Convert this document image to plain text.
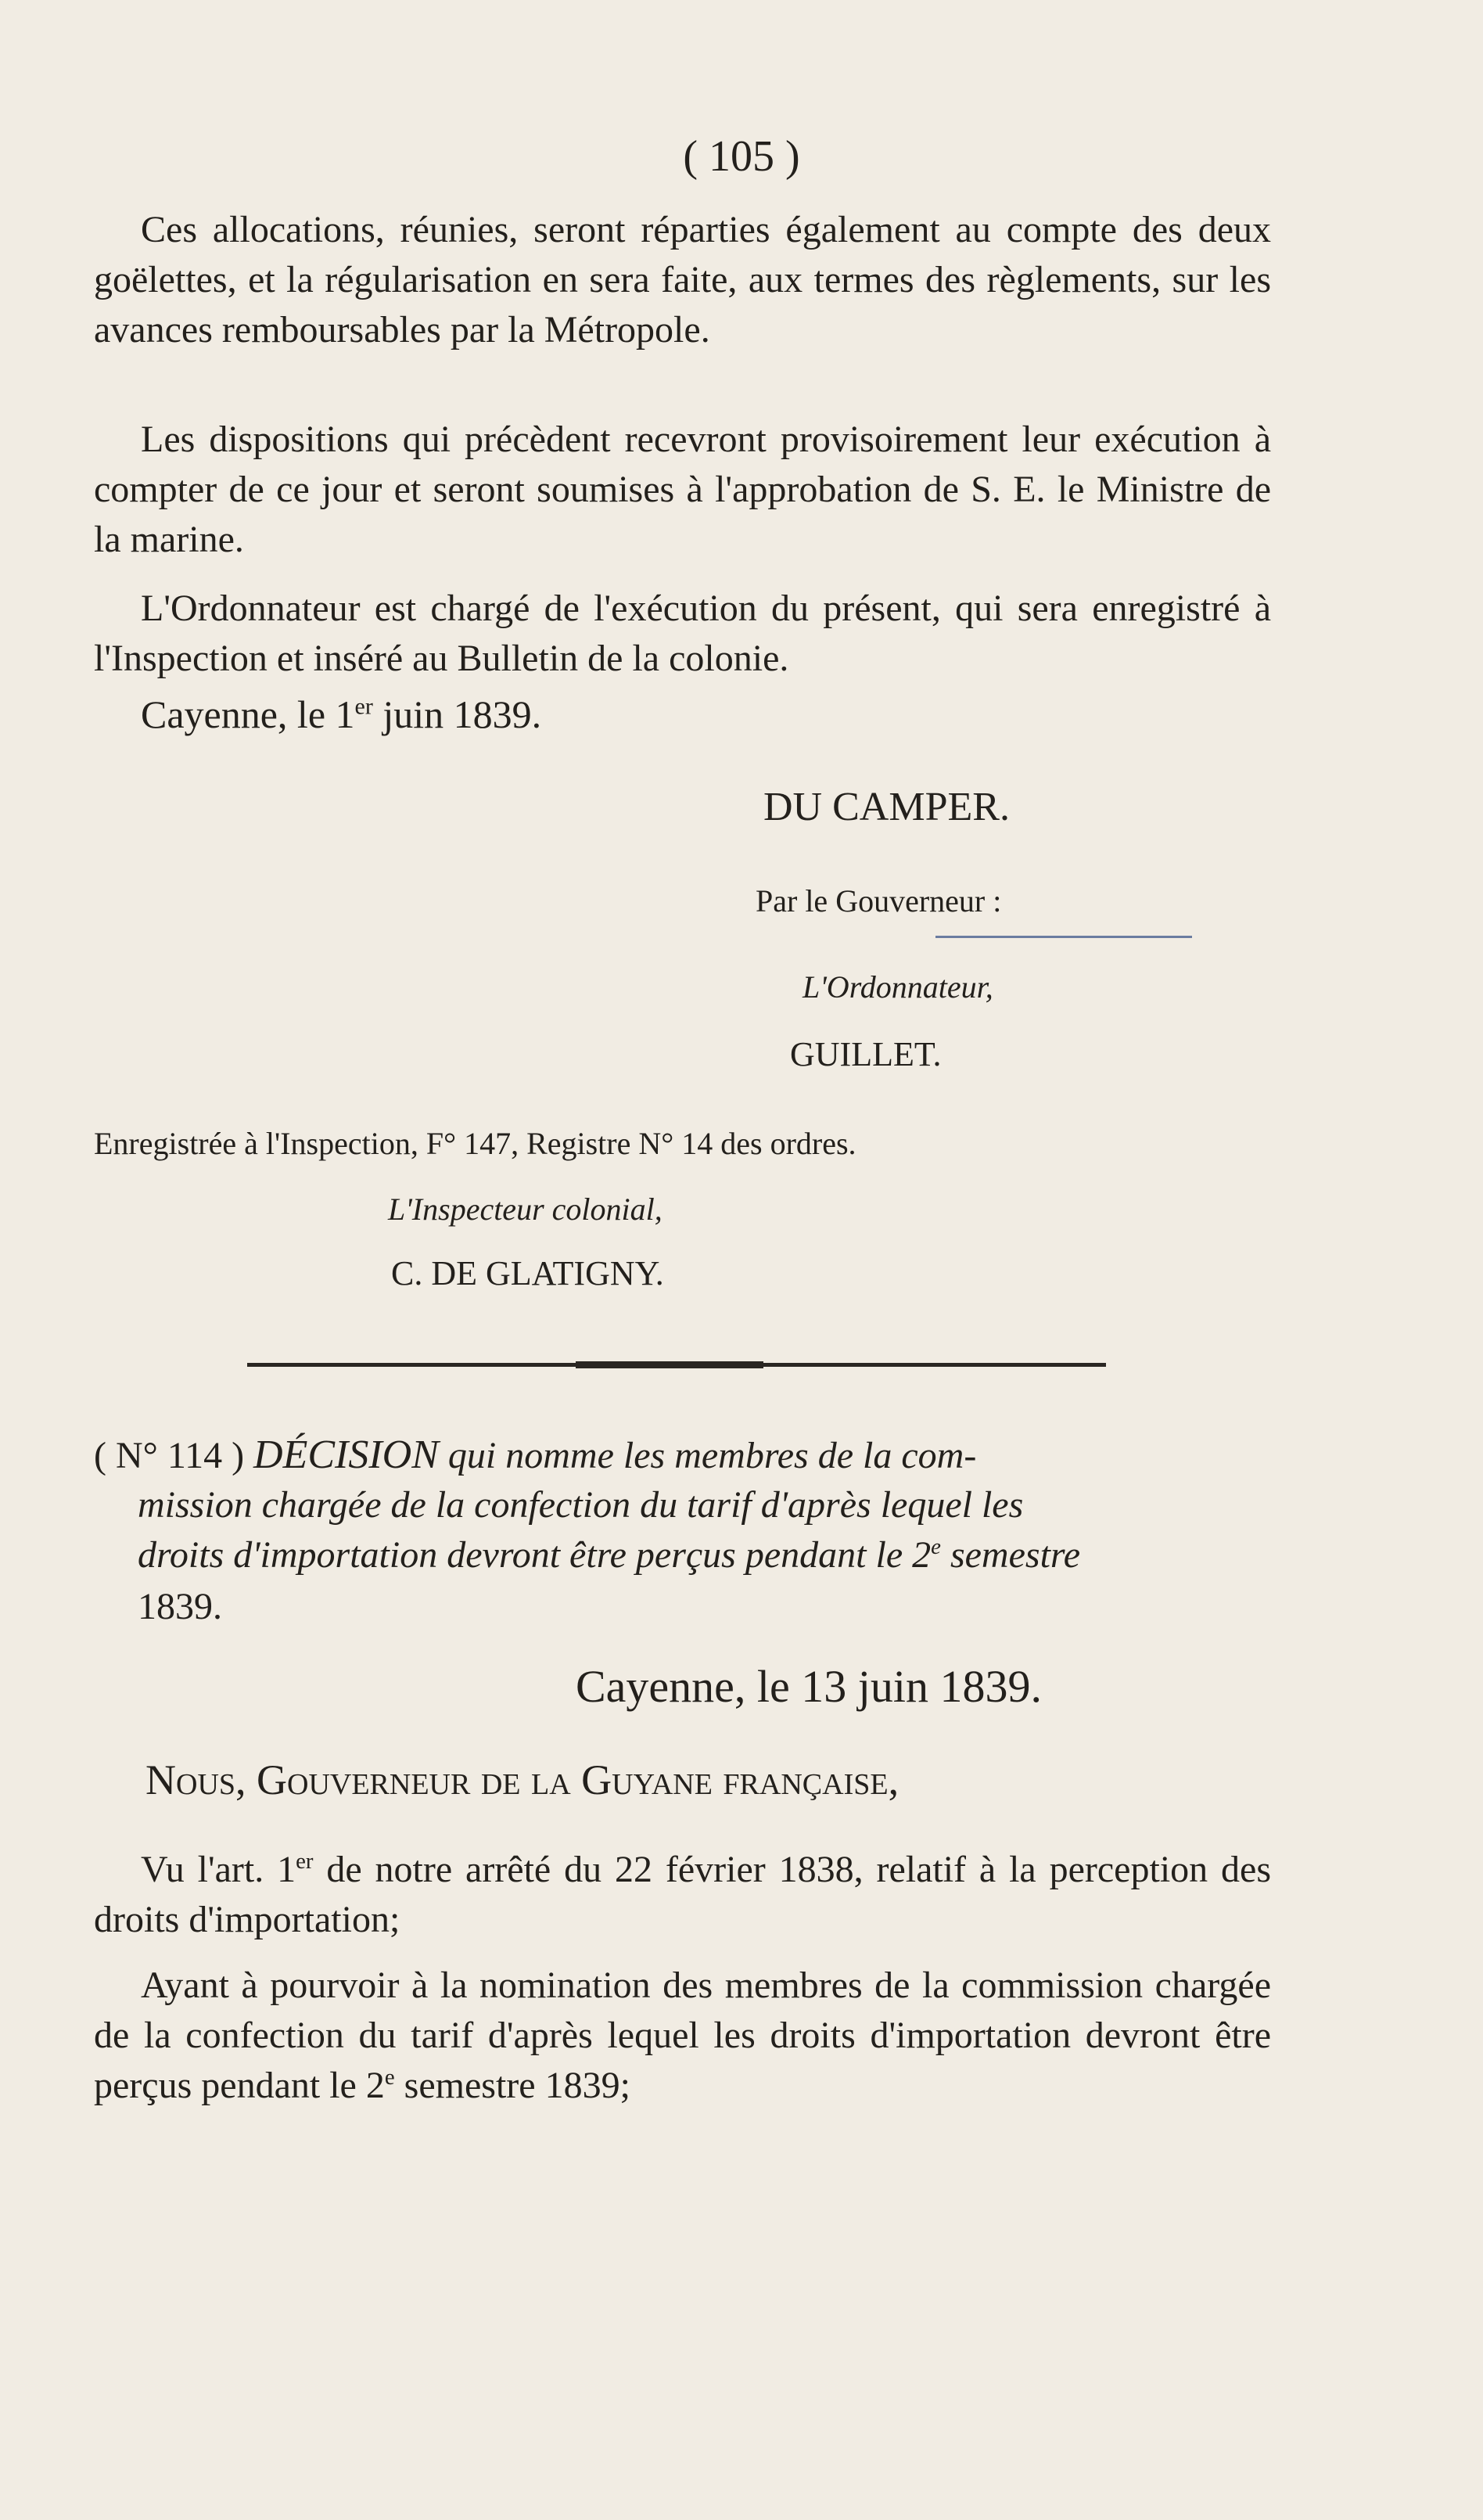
( 105 )

Ces allocations, réunies, seront réparties également au compte des deux goëlettes, et la régularisation en sera faite, aux termes des règlements, sur les avances remboursables par la Métropole.

Les dispositions qui précèdent recevront provisoirement leur exécution à compter de ce jour et seront soumises à l'approbation de S. E. le Ministre de la marine.

L'Ordonnateur est chargé de l'exécution du présent, qui sera enregistré à l'Inspection et inséré au Bulletin de la colonie.

Cayenne, le 1er juin 1839.
DU CAMPER.
Par le Gouverneur :
L'Ordonnateur,
GUILLET.
Enregistrée à l'Inspection, F° 147, Registre N° 14 des ordres.
L'Inspecteur colonial,
C. DE GLATIGNY.
( N° 114 ) DÉCISION qui nomme les membres de la com-
mission chargée de la confection du tarif d'après lequel les
droits d'importation devront être perçus pendant le 2e semestre
1839.
Cayenne, le 13 juin 1839.
Nous, Gouverneur de la Guyane française,

Vu l'art. 1er de notre arrêté du 22 février 1838, relatif à la perception des droits d'importation;

Ayant à pourvoir à la nomination des membres de la commission chargée de la confection du tarif d'après lequel les droits d'importation devront être perçus pendant le 2e semestre 1839;
